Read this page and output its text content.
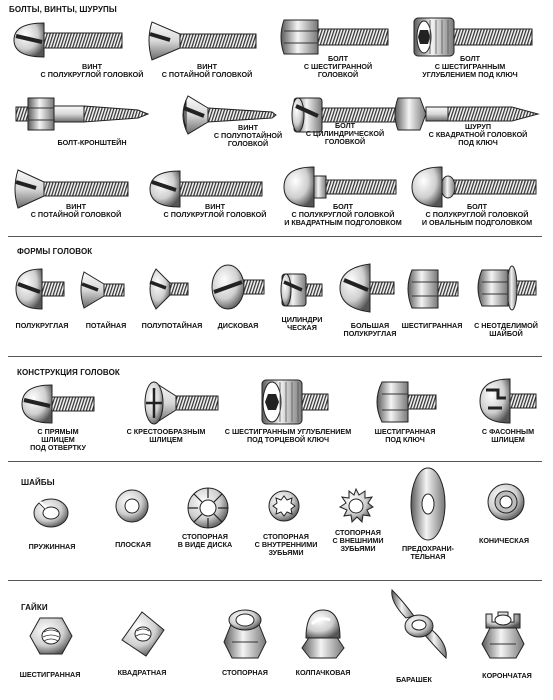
БОЛТЫ, ВИНТЫ, ШУРУПЫ
ВИНТ
С ПОЛУКРУГЛОЙ ГОЛОВКОЙ
ВИНТ
С ПОТАЙНОЙ ГОЛОВКОЙ
БОЛТ
С ШЕСТИГРАННОЙ
ГОЛОВКОЙ
БОЛТ
С ШЕСТИГРАННЫМ
УГЛУБЛЕНИЕМ ПОД КЛЮЧ
БОЛТ-КРОНШТЕЙН
ВИНТ
С ПОЛУПОТАЙНОЙ
ГОЛОВКОЙ
БОЛТ
С ЦИЛИНДРИЧЕСКОЙ
ГОЛОВКОЙ
ШУРУП
С КВАДРАТНОЙ ГОЛОВКОЙ
ПОД КЛЮЧ
ВИНТ
С ПОТАЙНОЙ ГОЛОВКОЙ
ВИНТ
С ПОЛУКРУГЛОЙ ГОЛОВКОЙ
БОЛТ
С ПОЛУКРУГЛОЙ ГОЛОВКОЙ
И КВАДРАТНЫМ ПОДГОЛОВКОМ
БОЛТ
С ПОЛУКРУГЛОЙ ГОЛОВКОЙ
И ОВАЛЬНЫМ ПОДГОЛОВКОМ
ФОРМЫ ГОЛОВОК
ПОЛУКРУГЛАЯ ПОТАЙНАЯ ПОЛУПОТАЙНАЯ ДИСКОВАЯ
ЦИЛИНДРИ
ЧЕСКАЯ	БОЛЬШАЯ
ПОЛУКРУГЛАЯ
ШЕСТИГРАННАЯ С НЕОТДЕЛИМОЙ
ШАЙБОЙ
КОНСТРУКЦИЯ ГОЛОВОК
С ПРЯМЫМ
ШЛИЦЕМ
ПОД ОТВЕРТКУ
С КРЕСТООБРАЗНЫМ
ШЛИЦЕМ
С ШЕСТИГРАННЫМ УГЛУБЛЕНИЕМ
ПОД ТОРЦЕВОЙ КЛЮЧ
ШЕСТИГРАННАЯ
ПОД КЛЮЧ
С ФАСОННЫМ
ШЛИЦЕМ
ШАЙБЫ
ПРУЖИННАЯ	ПЛОСКАЯ
СТОПОРНАЯ
В ВИДЕ ДИСКА
СТОПОРНАЯ
С ВНУТРЕННИМИ
ЗУБЬЯМИ
СТОПОРНАЯ
С ВНЕШНИМИ
ЗУБЬЯМИ	ПРЕДОХРАНИ-
ТЕЛЬНАЯ
КОНИЧЕСКАЯ
ГАЙКИ
ШЕСТИГРАННАЯ	КВАДРАТНАЯ	СТОПОРНАЯ	КОЛПАЧКОВАЯ
БАРАШЕК	КОРОНЧАТАЯ
